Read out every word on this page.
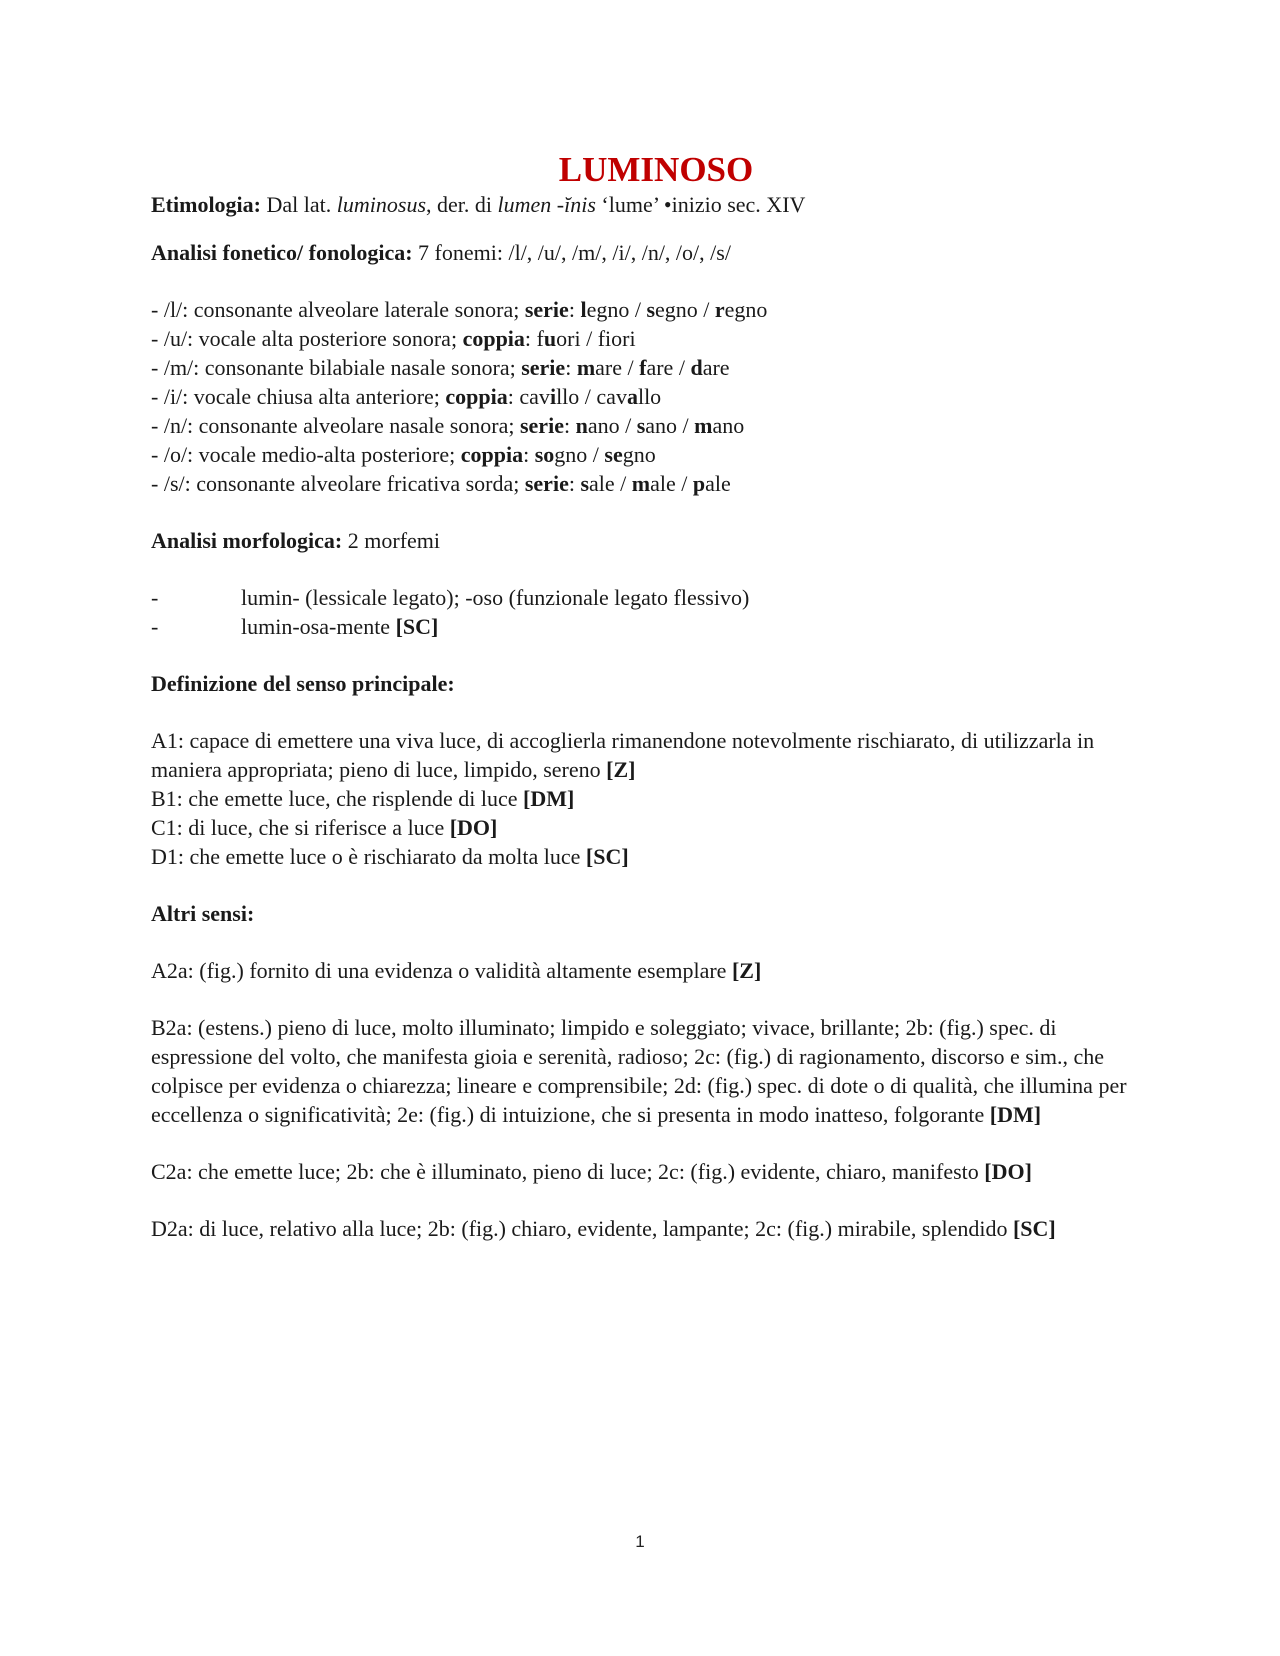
LUMINOSO

Etimologia: Dal lat. luminosus, der. di lumen -ĭnis ‘lume’ •inizio sec. XIV

Analisi fonetico/ fonologica: 7 fonemi: /l/, /u/, /m/, /i/, /n/, /o/, /s/

- /l/: consonante alveolare laterale sonora; serie: legno / segno / regno

- /u/: vocale alta posteriore sonora; coppia: fuori / fiori

- /m/: consonante bilabiale nasale sonora; serie: mare / fare / dare

- /i/: vocale chiusa alta anteriore; coppia: cavillo / cavallo

- /n/: consonante alveolare nasale sonora; serie: nano / sano / mano

- /o/: vocale medio-alta posteriore; coppia: sogno / segno

- /s/: consonante alveolare fricativa sorda; serie: sale / male / pale

Analisi morfologica: 2 morfemi

-	lumin- (lessicale legato); -oso (funzionale legato flessivo)
-	lumin-osa-mente [SC]

Definizione del senso principale:

A1: capace di emettere una viva luce, di accoglierla rimanendone notevolmente rischiarato, di utilizzarla in maniera appropriata; pieno di luce, limpido, sereno [Z]

B1: che emette luce, che risplende di luce [DM]

C1: di luce, che si riferisce a luce [DO]

D1: che emette luce o è rischiarato da molta luce [SC]

Altri sensi:

A2a: (fig.) fornito di una evidenza o validità altamente esemplare [Z]

B2a: (estens.) pieno di luce, molto illuminato; limpido e soleggiato; vivace, brillante; 2b: (fig.) spec. di espressione del volto, che manifesta gioia e serenità, radioso; 2c: (fig.) di ragionamento, discorso e sim., che colpisce per evidenza o chiarezza; lineare e comprensibile; 2d: (fig.) spec. di dote o di qualità, che illumina per eccellenza o significatività; 2e: (fig.) di intuizione, che si presenta in modo inatteso, folgorante [DM]

C2a: che emette luce; 2b: che è illuminato, pieno di luce; 2c: (fig.) evidente, chiaro, manifesto [DO]

D2a: di luce, relativo alla luce; 2b: (fig.) chiaro, evidente, lampante; 2c: (fig.) mirabile, splendido [SC]

1
